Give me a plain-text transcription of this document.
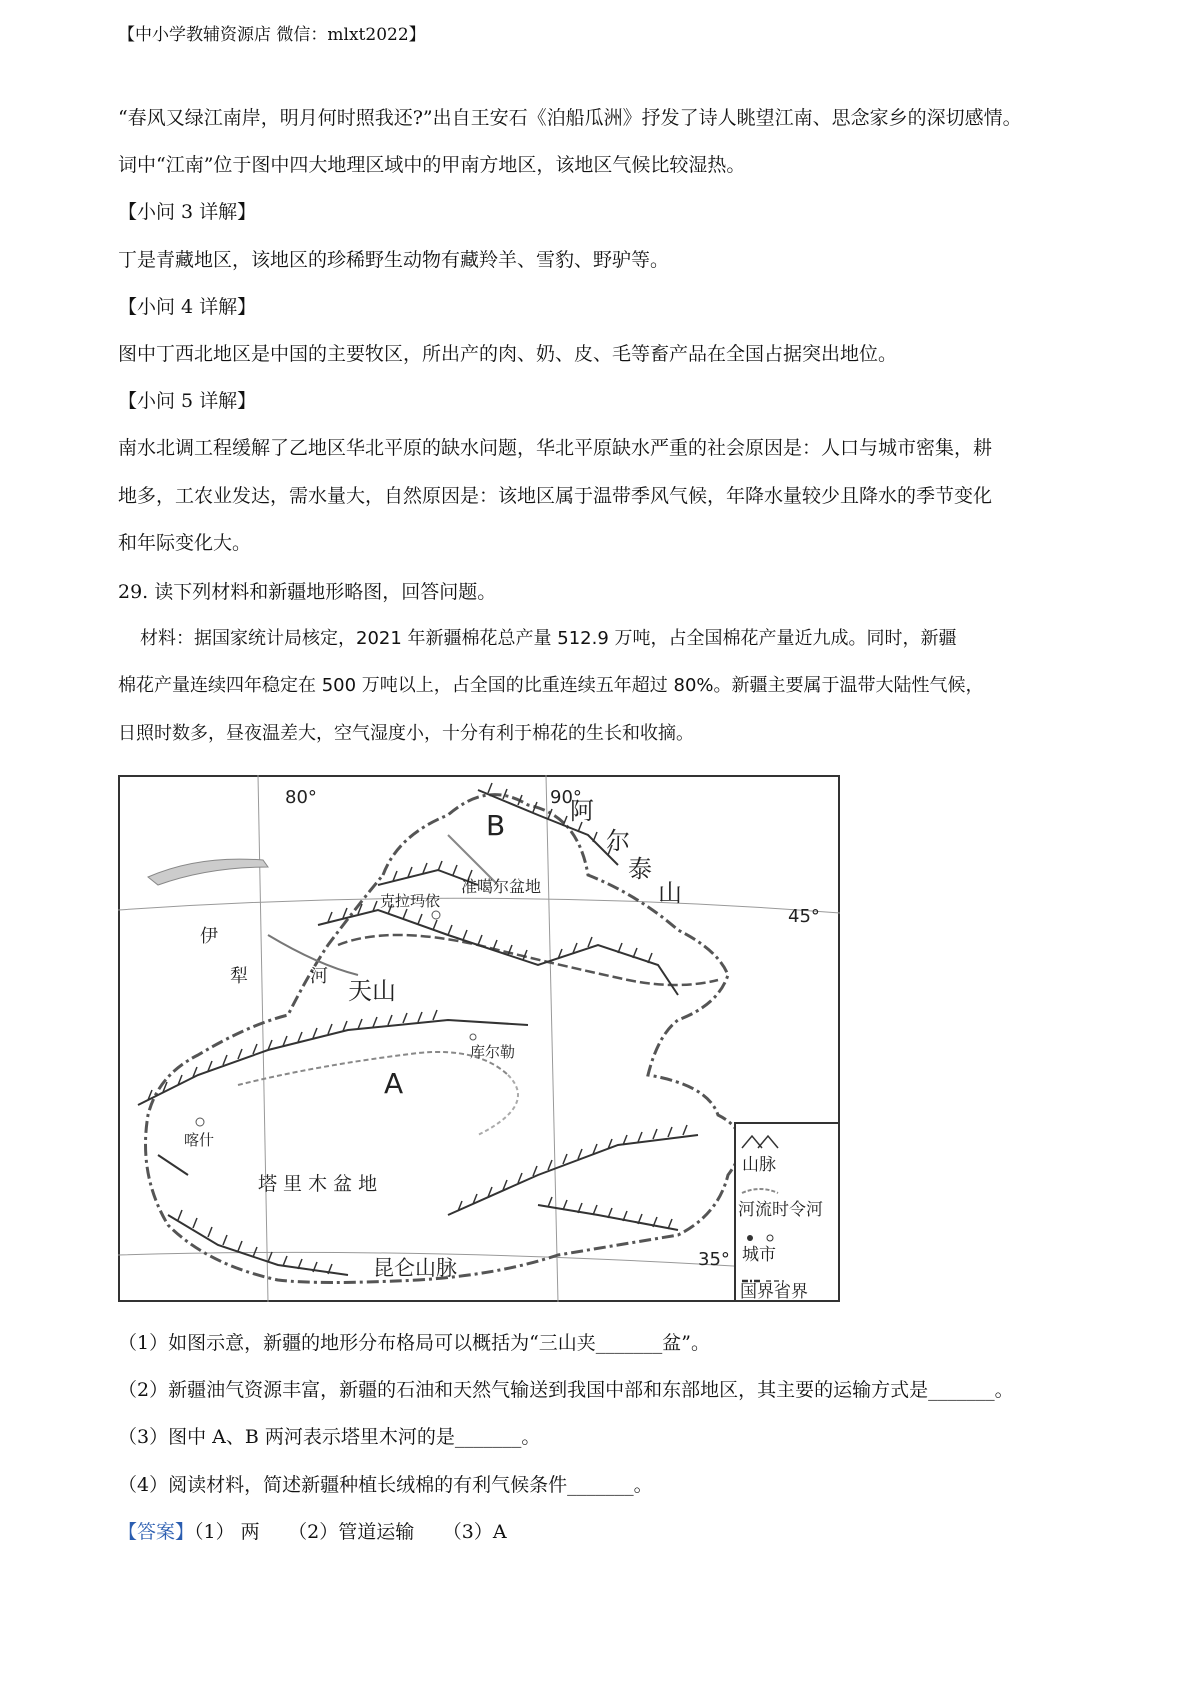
【中小学教辅资源店 微信：mlxt2022】
“春风又绿江南岸，明月何时照我还?”出自王安石《泊船瓜洲》抒发了诗人眺望江南、思念家乡的深切感情。
词中“江南”位于图中四大地理区域中的甲南方地区，该地区气候比较湿热。
【小问 3 详解】
丁是青藏地区，该地区的珍稀野生动物有藏羚羊、雪豹、野驴等。
【小问 4 详解】
图中丁西北地区是中国的主要牧区，所出产的肉、奶、皮、毛等畜产品在全国占据突出地位。
【小问 5 详解】
南水北调工程缓解了乙地区华北平原的缺水问题，华北平原缺水严重的社会原因是：人口与城市密集，耕
地多，工农业发达，需水量大，自然原因是：该地区属于温带季风气候，年降水量较少且降水的季节变化
和年际变化大。
29. 读下列材料和新疆地形略图，回答问题。
材料：据国家统计局核定，2021 年新疆棉花总产量 512.9 万吨，占全国棉花产量近九成。同时，新疆
棉花产量连续四年稳定在 500 万吨以上，占全国的比重连续五年超过 80%。新疆主要属于温带大陆性气候，
日照时数多，昼夜温差大，空气湿度小，十分有利于棉花的生长和收摘。
80°	90°
45°
35°
B
A
阿
尔
泰
山
准噶尔盆地
克拉玛依
伊
犁	河
天山
库尔勒
喀什
塔 里 木 盆 地
昆仑山脉
山脉
河流时令河
城市
国界省界
（1）如图示意，新疆的地形分布格局可以概括为“三山夹_______盆”。
（2）新疆油气资源丰富，新疆的石油和天然气输送到我国中部和东部地区，其主要的运输方式是_______。
（3）图中 A、B 两河表示塔里木河的是_______。
（4）阅读材料，简述新疆种植长绒棉的有利气候条件_______。
【答案】（1） 两　　（2）管道运输　　（3）A
